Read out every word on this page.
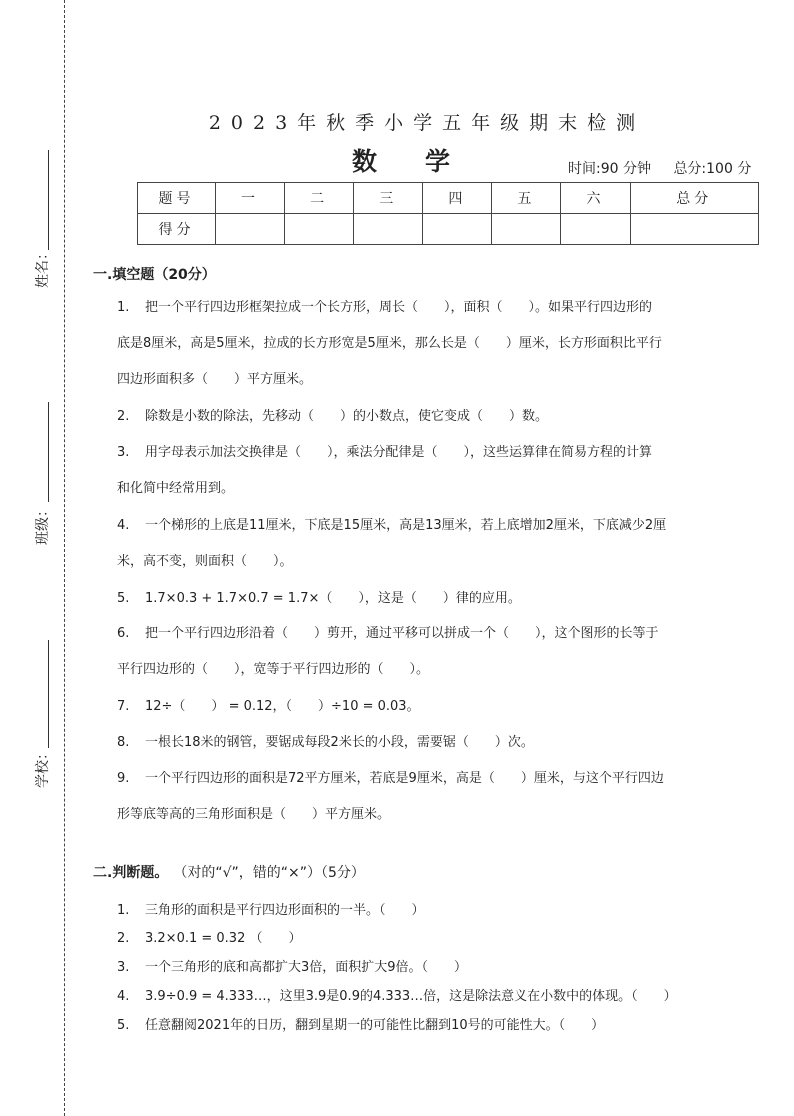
姓名：
班级：
学校：
2023年秋季小学五年级期末检测
数学	时间:90 分钟 总分:100 分
题号	一	二	三	四	五	六	总分
得分							
一.填空题（20分）
1. 把一个平行四边形框架拉成一个长方形，周长（　　），面积（　　）。如果平行四边形的
底是8厘米，高是5厘米，拉成的长方形宽是5厘米，那么长是（　　）厘米，长方形面积比平行
四边形面积多（　　）平方厘米。
2. 除数是小数的除法，先移动（　　）的小数点，使它变成（　　）数。
3. 用字母表示加法交换律是（　　），乘法分配律是（　　），这些运算律在简易方程的计算
和化简中经常用到。
4. 一个梯形的上底是11厘米，下底是15厘米，高是13厘米，若上底增加2厘米，下底减少2厘
米，高不变，则面积（　　）。
5. 1.7×0.3 + 1.7×0.7 = 1.7×（　　），这是（　　）律的应用。
6. 把一个平行四边形沿着（　　）剪开，通过平移可以拼成一个（　　），这个图形的长等于
平行四边形的（　　），宽等于平行四边形的（　　）。
7. 12÷（　　） = 0.12，（　　）÷10 = 0.03。
8. 一根长18米的钢管，要锯成每段2米长的小段，需要锯（　　）次。
9. 一个平行四边形的面积是72平方厘米，若底是9厘米，高是（　　）厘米，与这个平行四边
形等底等高的三角形面积是（　　）平方厘米。
二.判断题。 （对的“√”，错的“×”）（5分）
1. 三角形的面积是平行四边形面积的一半。（　　）
2. 3.2×0.1 = 0.32 （　　）
3. 一个三角形的底和高都扩大3倍，面积扩大9倍。（　　）
4. 3.9÷0.9 = 4.333…，这里3.9是0.9的4.333…倍，这是除法意义在小数中的体现。（　　）
5. 任意翻阅2021年的日历，翻到星期一的可能性比翻到10号的可能性大。（　　）
